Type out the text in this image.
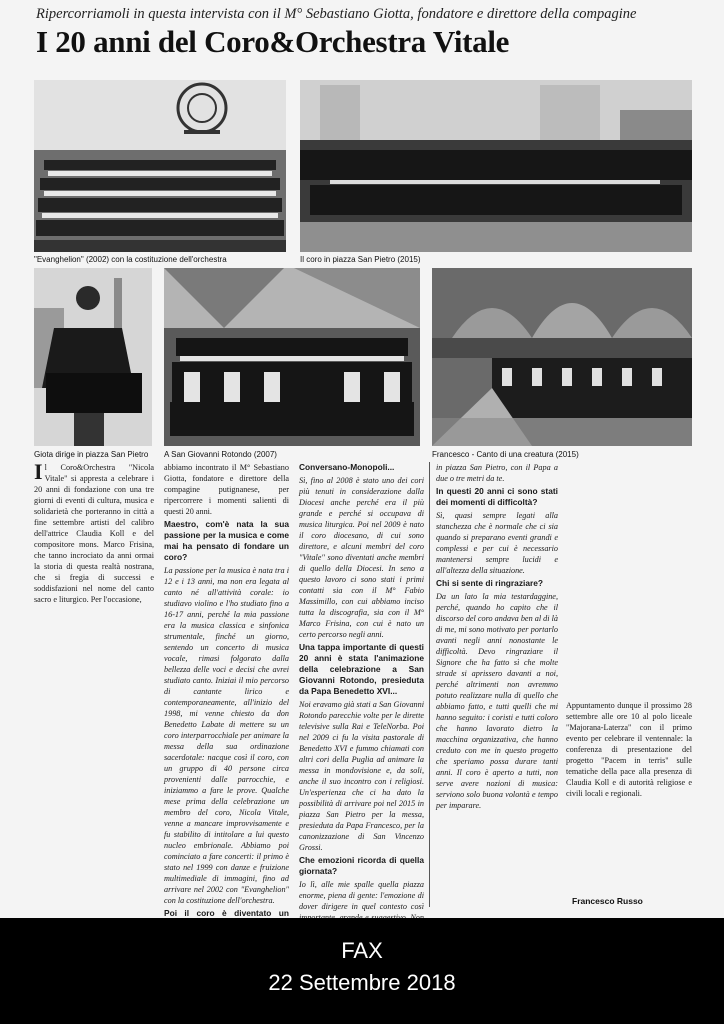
Ripercorriamoli in questa intervista con il M° Sebastiano Giotta, fondatore e direttore della compagine
I 20 anni del Coro&Orchestra Vitale
"Evanghelion" (2002) con la costituzione dell'orchestra	Il coro in piazza San Pietro (2015)
Giota dirige in piazza San Pietro A San Giovanni Rotondo (2007)	Francesco - Canto di una creatura (2015)

Il Coro&Orchestra "Nicola Vitale" si appresta a celebrare i 20 anni di fondazione con una tre giorni di eventi di cultura, musica e solidarietà che porteranno in città a fine settembre artisti del calibro dell'attrice Claudia Koll e del compositore mons. Marco Frisina, che tanno incrociato da anni ormai la storia di questa realtà nostrana, che si fregia di successi e soddisfazioni nel nome del canto sacro e liturgico. Per l'occasione,

abbiamo incontrato il M° Sebastiano Giotta, fondatore e direttore della compagine putignanese, per ripercorrere i momenti salienti di questi 20 anni.

Maestro, com'è nata la sua passione per la musica e come mai ha pensato di fondare un coro?

La passione per la musica è nata tra i 12 e i 13 anni, ma non era legata al canto né all'attività corale: io studiavo violino e l'ho studiato fino a 16-17 anni, perché la mia passione era la musica classica e sinfonica strumentale, finché un giorno, sentendo un concerto di musica vocale, rimasi folgorato dalla bellezza delle voci e decisi che avrei studiato canto. Iniziai il mio percorso di cantante lirico e contemporaneamente, all'inizio del 1998, mi venne chiesto da don Benedetto Labate di mettere su un coro interparrocchiale per animare la messa della sua ordinazione sacerdotale: nacque così il coro, con un gruppo di 40 persone circa provenienti dalle parrocchie, e iniziammo a fare le prove. Qualche mese prima della celebrazione un membro del coro, Nicola Vitale, venne a mancare improvvisamente e fu stabilito di intitolare a lui questo nucleo embrionale. Abbiamo poi cominciato a fare concerti: il primo è stato nel 1999 con danze e fruizione multimediale di immagini, fino ad arrivare nel 2002 con "Evanghelion" con la costituzione dell'orchestra.

Poi il coro è diventato un

Conversano-Monopoli...

Sì, fino al 2008 è stato uno dei cori più tenuti in considerazione dalla Diocesi anche perché era il più grande e perché si occupava di musica liturgica. Poi nel 2009 è nato il coro diocesano, di cui sono direttore, e alcuni membri del coro "Vitale" sono diventati anche membri di quello della Diocesi. In seno a questo lavoro ci sono stati i primi contatti sia con il M° Fabio Massimillo, con cui abbiamo inciso tutta la discografia, sia con il M° Marco Frisina, con cui è nato un certo percorso negli anni.

Una tappa importante di questi 20 anni è stata l'animazione della celebrazione a San Giovanni Rotondo, presieduta da Papa Benedetto XVI...

Noi eravamo già stati a San Giovanni Rotondo parecchie volte per le dirette televisive sulla Rai e TeleNorba. Poi nel 2009 ci fu la visita pastorale di Benedetto XVI e fummo chiamati con altri cori della Puglia ad animare la messa in mondovisione e, da soli, anche il suo incontro con i religiosi. Un'esperienza che ci ha dato la possibilità di arrivare poi nel 2015 in piazza San Pietro per la messa, presieduta da Papa Francesco, per la canonizzazione di San Vincenzo Grossi.

Che emozioni ricorda di quella giornata?

Io lì, alle mie spalle quella piazza enorme, piena di gente: l'emozione di dover dirigere in quel contesto così

in piazza San Pietro, con il Papa a due o tre metri da te.

In questi 20 anni ci sono stati dei momenti di difficoltà?

Sì, quasi sempre legati alla stanchezza che è normale che ci sia quando si preparano eventi grandi e complessi e per cui è necessario mantenersi sempre lucidi e all'altezza della situazione.

Chi si sente di ringraziare?

Da un lato la mia testardaggine, perché, quando ho capito che il discorso del coro andava ben al di là di me, mi sono motivato per portarlo avanti negli anni nonostante le difficoltà. Devo ringraziare il Signore che ha fatto sì che molte strade si aprissero davanti a noi, perché altrimenti non avremmo potuto realizzare nulla di quello che abbiamo fatto, e tutti quelli che mi hanno seguito: i coristi e tutti coloro che hanno lavorato dietro la macchina organizzativa, che hanno creduto con me in questo progetto che speriamo possa durare tanti anni. Il coro è aperto a tutti, non serve avere nozioni di musica: serviono solo buona volontà e tempo per imparare.

Appuntamento dunque il prossimo 28 settembre alle ore 10 al polo liceale "Majorana-Laterza" con il primo evento per celebrare il ventennale: la conferenza di presentazione del progetto "Pacem in terris" sulle tematiche della pace alla presenza di Claudia Koll e di autorità religiose e civili locali e regionali.

Francesco Russo
FAX
22 Settembre 2018
